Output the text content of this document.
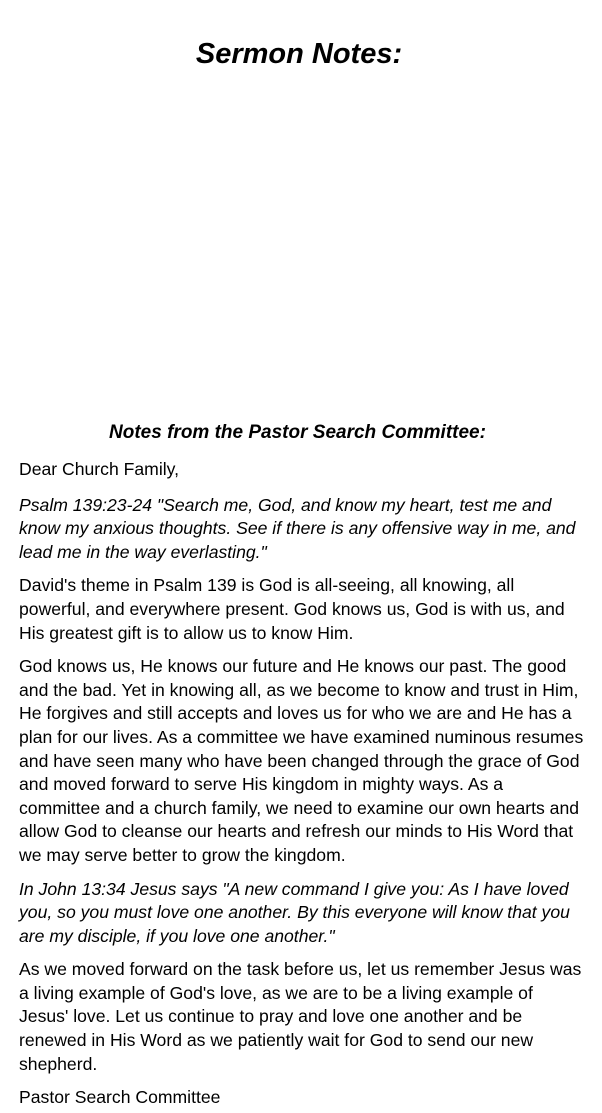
Sermon Notes:
Notes from the Pastor Search Committee:

Dear Church Family,

Psalm 139:23-24 "Search me, God, and know my heart, test me and know my anxious thoughts. See if there is any offensive way in me, and lead me in the way everlasting."

David's theme in Psalm 139 is God is all-seeing, all knowing, all powerful, and everywhere present. God knows us, God is with us, and His greatest gift is to allow us to know Him.

God knows us, He knows our future and He knows our past. The good and the bad. Yet in knowing all, as we become to know and trust in Him, He forgives and still accepts and loves us for who we are and He has a plan for our lives. As a committee we have examined numinous resumes and have seen many who have been changed through the grace of God and moved forward to serve His kingdom in mighty ways. As a committee and a church family, we need to examine our own hearts and allow God to cleanse our hearts and refresh our minds to His Word that we may serve better to grow the kingdom.

In John 13:34 Jesus says "A new command I give you: As I have loved you, so you must love one another. By this everyone will know that you are my disciple, if you love one another."

As we moved forward on the task before us, let us remember Jesus was a living example of God's love, as we are to be a living example of Jesus' love. Let us continue to pray and love one another and be renewed in His Word as we patiently wait for God to send our new shepherd.

Pastor Search Committee
